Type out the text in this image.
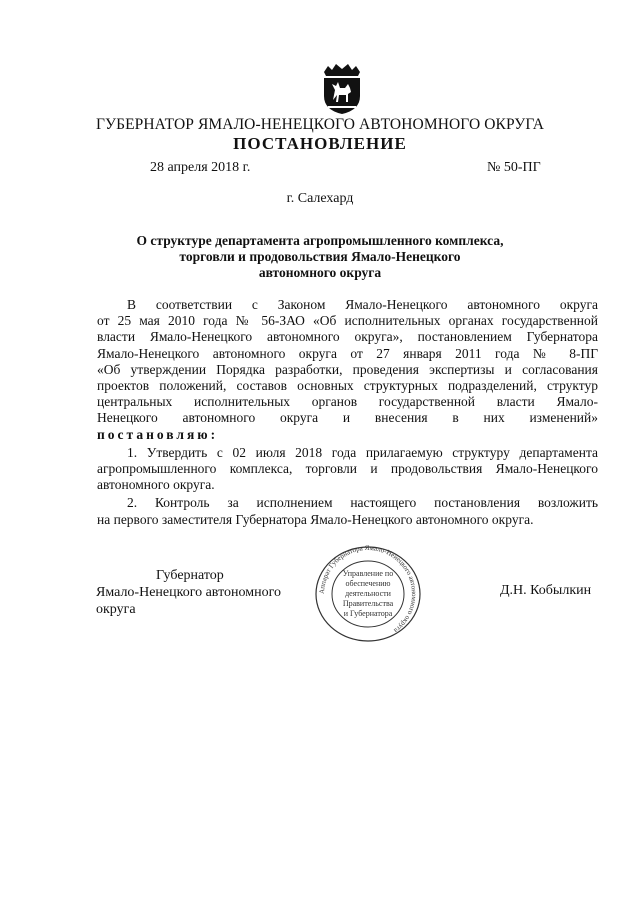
ГУБЕРНАТОР ЯМАЛО-НЕНЕЦКОГО АВТОНОМНОГО ОКРУГА
ПОСТАНОВЛЕНИЕ
28 апреля 2018 г.	№ 50-ПГ
г. Салехард
О структуре департамента агропромышленного комплекса,
торговли и продовольствия Ямало-Ненецкого
автономного округа

В соответствии с Законом Ямало-Ненецкого автономного округа

от 25 мая 2010 года № 56-ЗАО «Об исполнительных органах государственной

власти Ямало-Ненецкого автономного округа», постановлением Губернатора

Ямало-Ненецкого автономного округа от 27 января 2011 года № 8-ПГ

«Об утверждении Порядка разработки, проведения экспертизы и согласования

проектов положений, составов основных структурных подразделений, структур

центральных исполнительных органов государственной власти Ямало-

Ненецкого автономного округа и внесения в них изменений»

постановляю:

1. Утвердить с 02 июля 2018 года прилагаемую структуру департамента

агропромышленного комплекса, торговли и продовольствия Ямало-Ненецкого

автономного округа.

2. Контроль за исполнением настоящего постановления возложить

на первого заместителя Губернатора Ямало-Ненецкого автономного округа.

Губернатор
Ямало-Ненецкого автономного округа
Аппарат Губернатора Ямало-Ненецкого автономного округа
Управление по
обеспечению
деятельности
Правительства
и Губернатора
Д.Н. Кобылкин
